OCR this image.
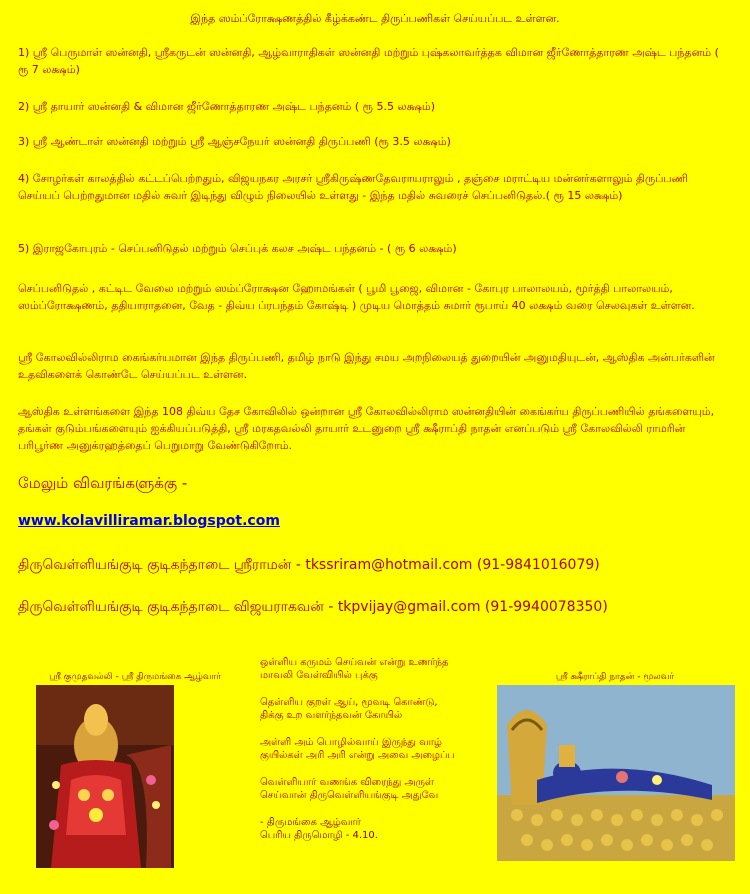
இந்த ஸம்ப்ரோக்ஷணத்தில் கீழ்க்கண்ட திருப்பணிகள் செய்யப்பட உள்ளன.
1) ஸ்ரீ பெருமாள் ஸன்னதி, ஸ்ரீகருடன் ஸன்னதி, ஆழ்வாராதிகள் ஸன்னதி மற்றும் புஷ்கலாவர்த்தக விமான ஜீர்ணோத்தாரண அஷ்ட பந்தனம் ( ரூ 7 லக்ஷம்)
2) ஸ்ரீ தாயார் ஸன்னதி & விமான ஜீர்ணோத்தாரண அஷ்ட பந்தனம் ( ரூ 5.5 லக்ஷம்)
3) ஸ்ரீ ஆண்டாள் ஸன்னதி மற்றும் ஸ்ரீ ஆஞ்சநேயர் ஸன்னதி திருப்பணி (ரூ 3.5 லக்ஷம்)
4) சோழர்கள் காலத்தில் கட்டப்பெற்றதும், விஜயநகர அரசர் ஸ்ரீகிருஷ்ணதேவராயராலும் , தஞ்சை மராட்டிய மன்னர்களாலும் திருப்பணி செய்யப் பெற்றதுமான மதில் சுவர் இடிந்து விழும் நிலையில் உள்ளது - இந்த மதில் சுவரைச் செப்பனிடுதல்.( ரூ 15 லக்ஷம்)
5) இராஜகோபுரம் - செப்பனிடுதல் மற்றும் செப்புக் கலச அஷ்ட பந்தனம் - ( ரூ 6 லக்ஷம்)
செப்பனிடுதல் , கட்டிட வேலை மற்றும் ஸம்ப்ரோக்ஷன ஹோமங்கள் ( பூமி பூஜை, விமான - கோபுர பாலாலயம், மூர்த்தி பாலாலயம், ஸம்ப்ரோக்ஷணம், ததியாராதனை, வேத - திவ்ய ப்ரபந்தம் கோஷ்டி ) முடிய மொத்தம் சுமார் ரூபாய் 40 லக்ஷம் வரை செலவுகள் உள்ளன.
ஸ்ரீ கோலவில்லிராம கைங்கர்யமான இந்த திருப்பணி, தமிழ் நாடு இந்து சமய அறநிலையத் துறையின் அனுமதியுடன், ஆஸ்திக அன்பர்களின் உதவிகளைக் கொண்டே செய்யப்பட உள்ளன.
ஆஸ்திக உள்ளங்களை இந்த 108 திவ்ய தேச கோவிலில் ஒன்றான ஸ்ரீ கோலவில்லிராம ஸன்னதியின் கைங்கர்ய திருப்பணியில் தங்களையும், தங்கள் குடும்பங்களையும் ஐக்கியப்படுத்தி, ஸ்ரீ மரகதவல்லி தாயார் உடனுறை ஸ்ரீ க்ஷீராப்தி நாதன் எனப்படும் ஸ்ரீ கோலவில்லி ராமரின் பரிபூர்ண அனுக்ரஹத்தைப் பெறுமாறு வேண்டுகிறோம்.
மேலும் விவரங்களுக்கு -
www.kolavilliramar.blogspot.com
திருவெள்ளியங்குடி குடிகந்தாடை ஸ்ரீராமன் - tkssriram@hotmail.com (91-9841016079)
திருவெள்ளியங்குடி குடிகந்தாடை விஜயராகவன் - tkpvijay@gmail.com (91-9940078350)
ஸ்ரீ குமுதவல்லி - ஸ்ரீ திருமங்கை ஆழ்வார்

ஒள்ளிய கருமம் செய்வன் என்று உணர்ந்த
மாவலி வேள்வியில் புக்கு

தெள்ளிய குறள் ஆய், மூவடி கொண்டு,
திக்கு உற வளர்ந்தவன் கோயில்

அள்ளி அம் பொழில்வாய் இருந்து வாழ்
குயில்கள் அரி அரி என்று அவை அழைப்ப

வெள்ளியார் வணங்க விரைந்து அருள்
செய்வான் திருவெள்ளியங்குடி அதுவே

- திருமங்கை ஆழ்வார்
பெரிய திருமொழி - 4.10.

ஸ்ரீ க்ஷீராப்தி நாதன் - மூலவர்
